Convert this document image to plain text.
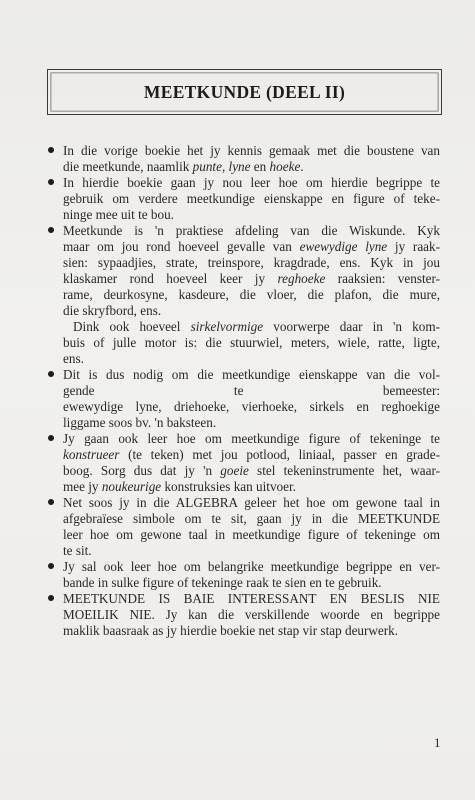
MEETKUNDE (DEEL II)

In die vorige boekie het jy kennis gemaak met die boustene van
die meetkunde, naamlik punte, lyne en hoeke.

In hierdie boekie gaan jy nou leer hoe om hierdie begrippe te
gebruik om verdere meetkundige eienskappe en figure of teke-
ninge mee uit te bou.

Meetkunde is 'n praktiese afdeling van die Wiskunde. Kyk
maar om jou rond hoeveel gevalle van ewewydige lyne jy raak-
sien: sypaadjies, strate, treinspore, kragdrade, ens. Kyk in jou
klaskamer rond hoeveel keer jy reghoeke raaksien: venster-
rame, deurkosyne, kasdeure, die vloer, die plafon, die mure,
die skryfbord, ens.

Dink ook hoeveel sirkelvormige voorwerpe daar in 'n kom-
buis of julle motor is: die stuurwiel, meters, wiele, ratte, ligte,
ens.

Dit is dus nodig om die meetkundige eienskappe van die vol-
gende te bemeester:
ewewydige lyne, driehoeke, vierhoeke, sirkels en reghoekige
liggame soos bv. 'n baksteen.

Jy gaan ook leer hoe om meetkundige figure of tekeninge te
konstrueer (te teken) met jou potlood, liniaal, passer en grade-
boog. Sorg dus dat jy 'n goeie stel tekeninstrumente het, waar-
mee jy noukeurige konstruksies kan uitvoer.

Net soos jy in die ALGEBRA geleer het hoe om gewone taal in
afgebraïese simbole om te sit, gaan jy in die MEETKUNDE
leer hoe om gewone taal in meetkundige figure of tekeninge om
te sit.

Jy sal ook leer hoe om belangrike meetkundige begrippe en ver-
bande in sulke figure of tekeninge raak te sien en te gebruik.

MEETKUNDE IS BAIE INTERESSANT EN BESLIS NIE
MOEILIK NIE. Jy kan die verskillende woorde en begrippe
maklik baasraak as jy hierdie boekie net stap vir stap deurwerk.

1
